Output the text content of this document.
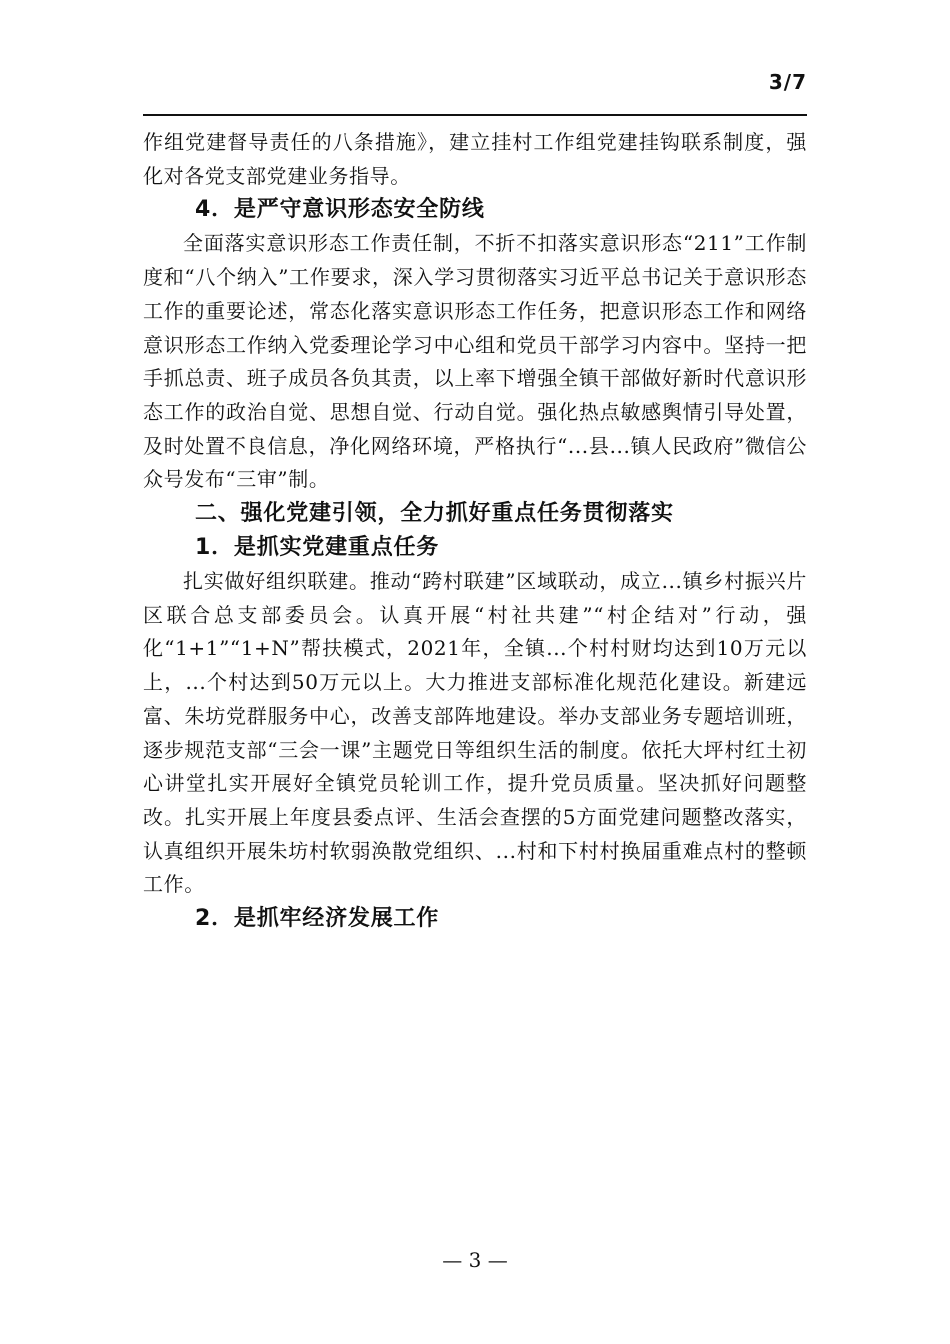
3/7

作组党建督导责任的八条措施》，建立挂村工作组党建挂钩联系制度，强化对各党支部党建业务指导。

4．是严守意识形态安全防线

全面落实意识形态工作责任制，不折不扣落实意识形态“211”工作制度和“八个纳入”工作要求，深入学习贯彻落实习近平总书记关于意识形态工作的重要论述，常态化落实意识形态工作任务，把意识形态工作和网络意识形态工作纳入党委理论学习中心组和党员干部学习内容中。坚持一把手抓总责、班子成员各负其责，以上率下增强全镇干部做好新时代意识形态工作的政治自觉、思想自觉、行动自觉。强化热点敏感舆情引导处置，及时处置不良信息，净化网络环境，严格执行“...县...镇人民政府”微信公众号发布“三审”制。

二、强化党建引领，全力抓好重点任务贯彻落实
1．是抓实党建重点任务

扎实做好组织联建。推动“跨村联建”区域联动，成立...镇乡村振兴片区联合总支部委员会。认真开展“村社共建”“村企结对”行动，强化“1+1”“1+N”帮扶模式，2021年，全镇...个村村财均达到10万元以上，...个村达到50万元以上。大力推进支部标准化规范化建设。新建远富、朱坊党群服务中心，改善支部阵地建设。举办支部业务专题培训班，逐步规范支部“三会一课”主题党日等组织生活的制度。依托大坪村红土初心讲堂扎实开展好全镇党员轮训工作，提升党员质量。坚决抓好问题整改。扎实开展上年度县委点评、生活会查摆的5方面党建问题整改落实，认真组织开展朱坊村软弱涣散党组织、...村和下村村换届重难点村的整顿工作。

2．是抓牢经济发展工作
— 3 —
